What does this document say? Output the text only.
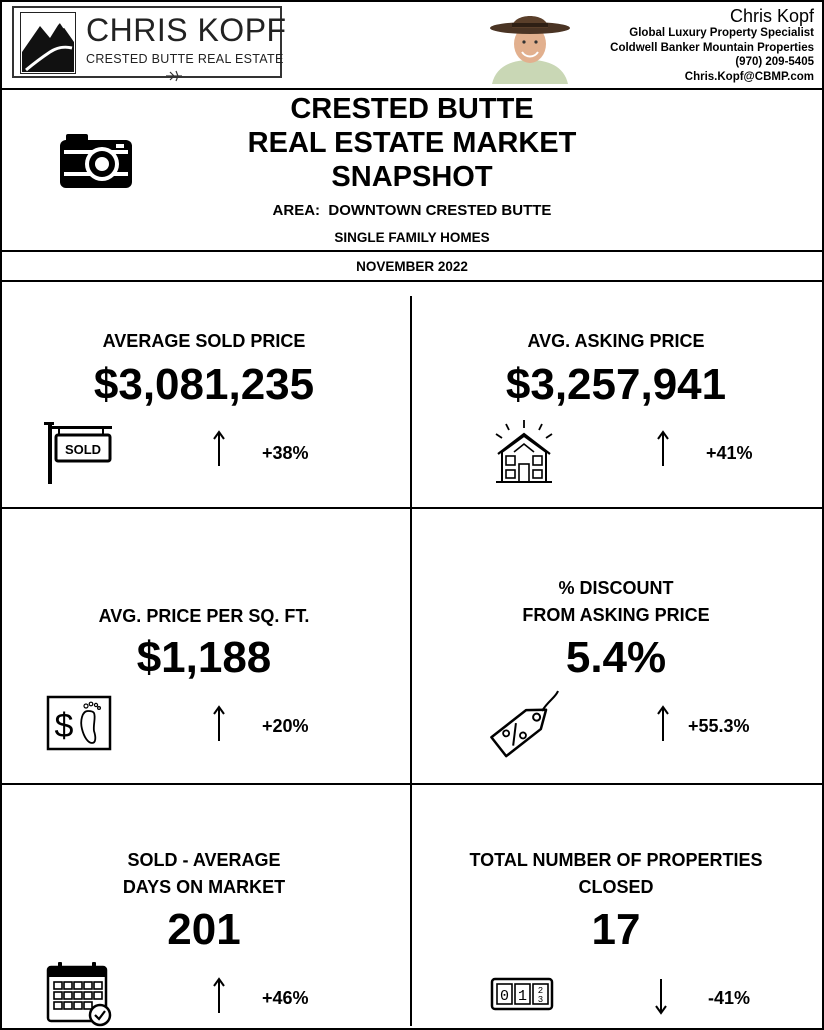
CHRIS KOPF
CRESTED BUTTE REAL ESTATE
Chris Kopf
Global Luxury Property Specialist
Coldwell Banker Mountain Properties
(970) 209-5405
Chris.Kopf@CBMP.com
CRESTED BUTTE
REAL ESTATE MARKET
SNAPSHOT
AREA:  DOWNTOWN CRESTED BUTTE
SINGLE FAMILY HOMES
NOVEMBER 2022
AVERAGE SOLD PRICE
$3,081,235
SOLD	+38%
AVG. ASKING PRICE
$3,257,941
+41%
AVG. PRICE PER SQ. FT.
$1,188
$	+20%
% DISCOUNT
FROM ASKING PRICE
5.4%
+55.3%
SOLD - AVERAGE
DAYS ON MARKET
201
+46%
TOTAL NUMBER OF PROPERTIES
CLOSED
17
0 1 2
3	-41%
